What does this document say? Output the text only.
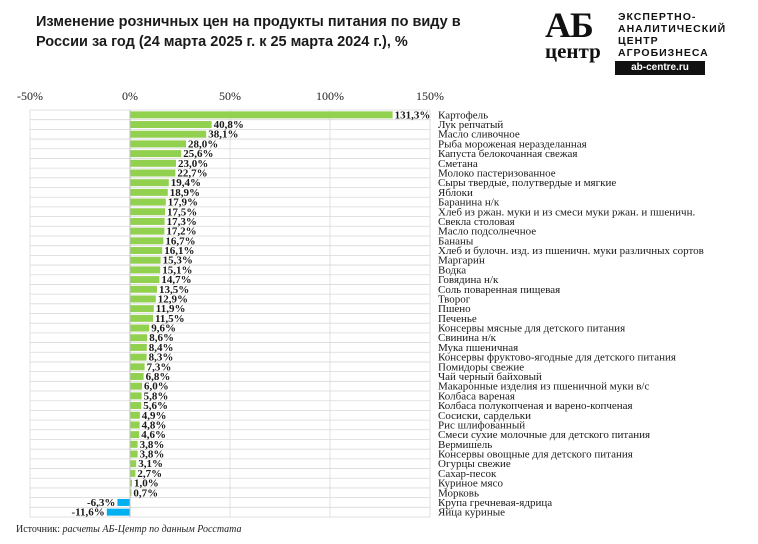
Изменение розничных цен на продукты питания по виду в России за год (24 марта 2025 г. к 25 марта 2024 г.), %	АБ
центр
ЭКСПЕРТНО-
АНАЛИТИЧЕСКИЙ
ЦЕНТР
АГРОБИЗНЕСА
ab-centre.ru
-50%	0%	50%	100%	150%
131,3% Картофель
40,8%	Лук репчатый
38,1%	Масло сливочное
28,0%	Рыба мороженая неразделанная
25,6%	Капуста белокочанная свежая
23,0%	Сметана
22,7%	Молоко пастеризованное
19,4%	Сыры твердые, полутвердые и мягкие
18,9%	Яблоки
17,9%	Баранина н/к
17,5%	Хлеб из ржан. муки и из смеси муки ржан. и пшеничн.
17,3%	Свекла столовая
17,2%	Масло подсолнечное
16,7%	Бананы
16,1%	Хлеб и булочн. изд. из пшеничн. муки различных сортов
15,3%	Маргарин
15,1%	Водка
14,7%	Говядина н/к
13,5%	Соль поваренная пищевая
12,9%	Творог
11,9%	Пшено
11,5%	Печенье
9,6%	Консервы мясные для детского питания
8,6%	Свинина н/к
8,4%	Мука пшеничная
8,3%	Консервы фруктово-ягодные для детского питания
7,3%	Помидоры свежие
6,8%	Чай черный байховый
6,0%	Макаронные изделия из пшеничной муки в/с
5,8%	Колбаса вареная
5,6%	Колбаса полукопченая и варено-копченая
4,9%	Сосиски, сардельки
4,8%	Рис шлифованный
4,6%	Смеси сухие молочные для детского питания
3,8%	Вермишель
3,8%	Консервы овощные для детского питания
3,1%	Огурцы свежие
2,7%	Сахар-песок
1,0%	Куриное мясо
0,7%	Морковь
-6,3%	Крупа гречневая-ядрица
-11,6%	Яйца куриные
Источник: расчеты АБ-Центр по данным Росстата
